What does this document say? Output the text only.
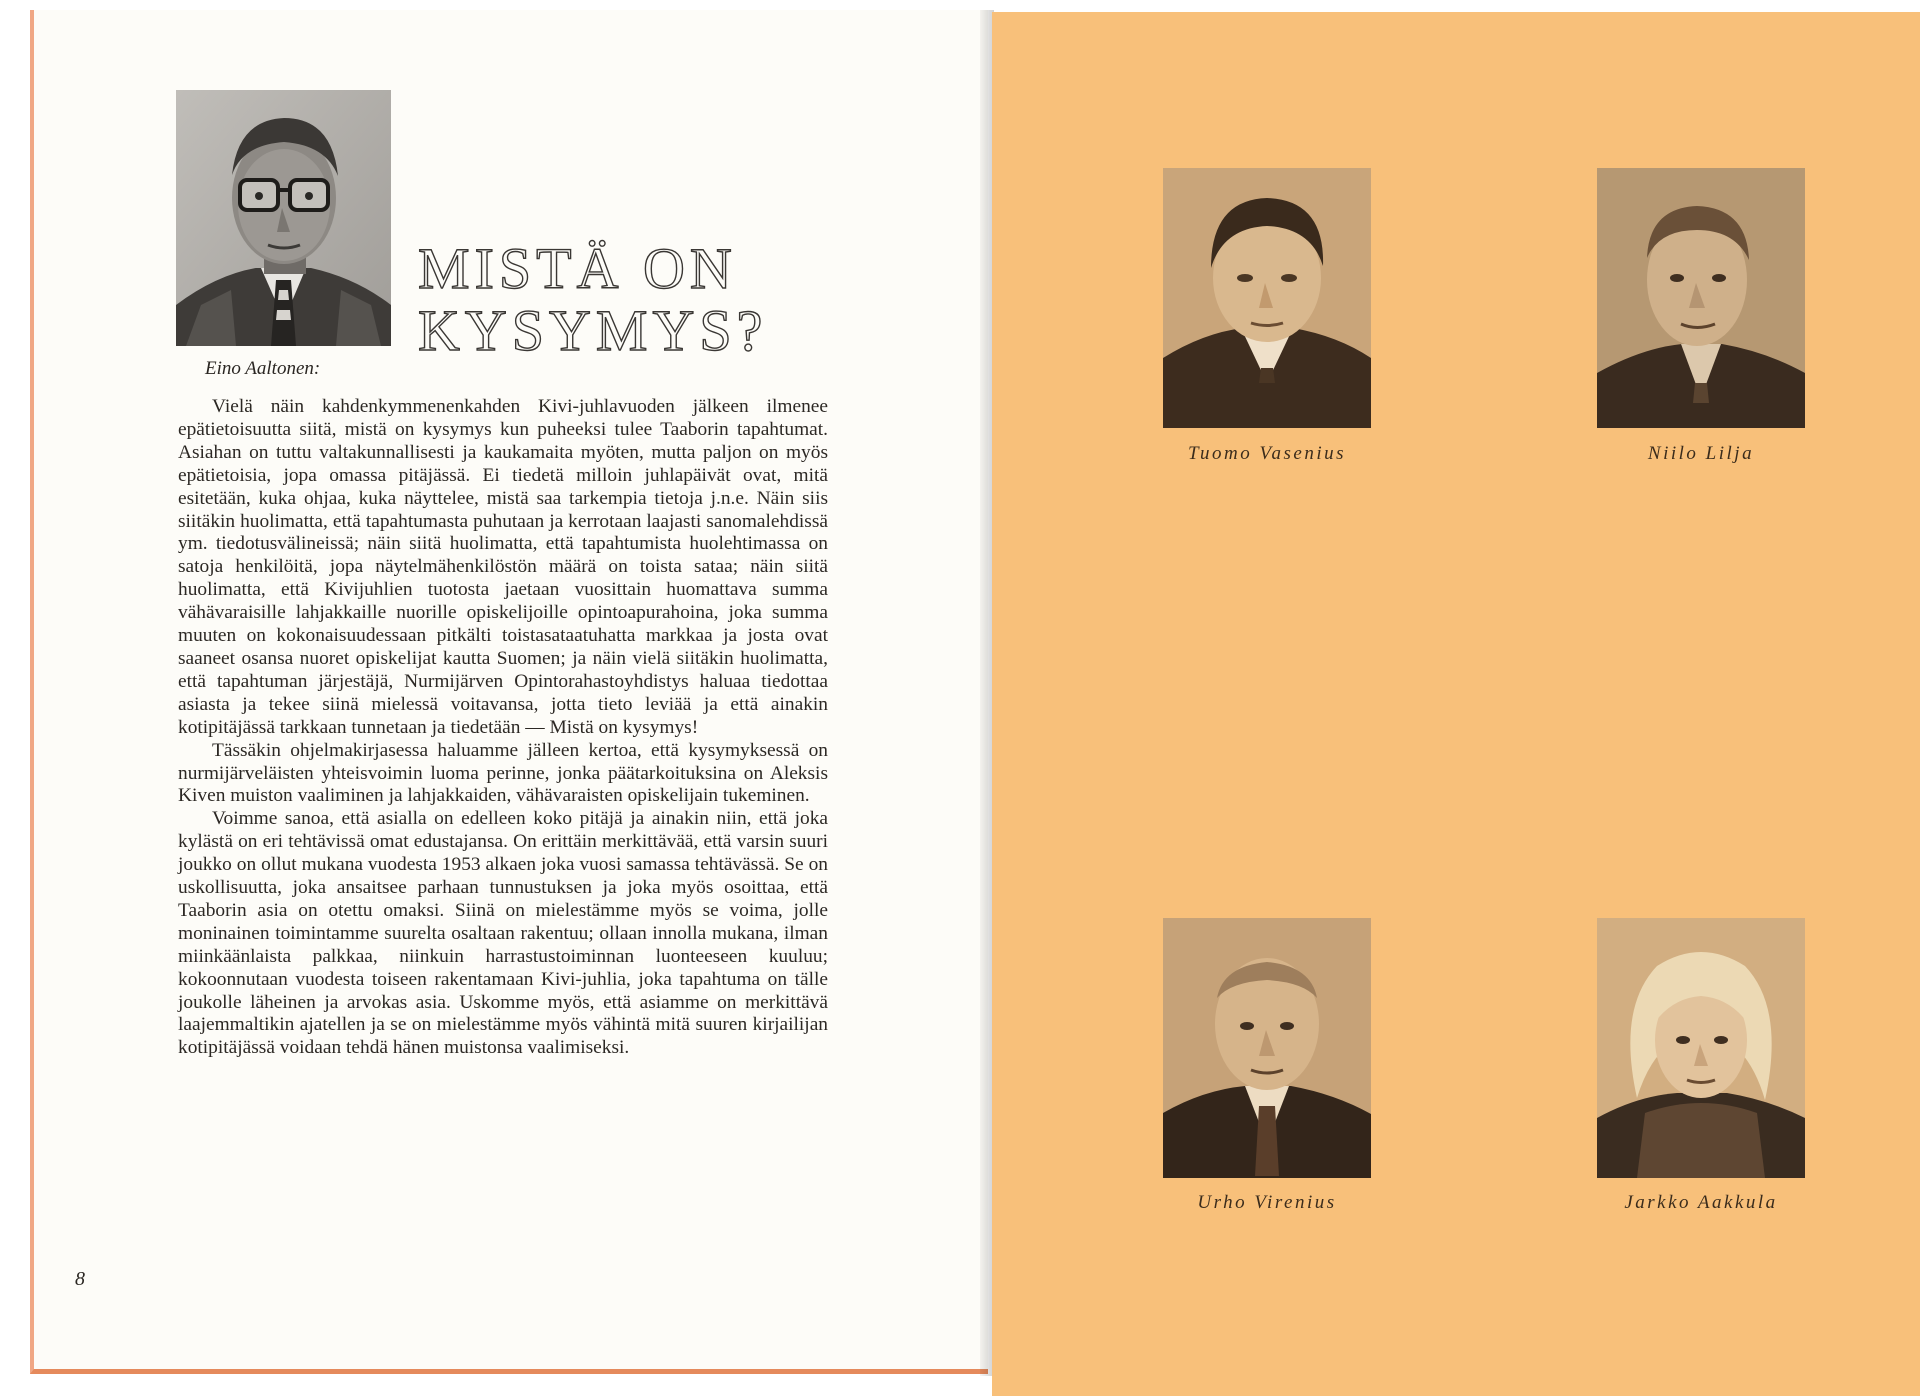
MISTÄ ON
KYSYMYS?
Eino Aaltonen:

Vielä näin kahdenkymmenenkahden Kivi-juhlavuoden jälkeen ilmenee epätietoisuutta siitä, mistä on kysymys kun puheeksi tulee Taaborin tapahtumat. Asiahan on tuttu valtakunnallisesti ja kaukamaita myöten, mutta paljon on myös epätietoisia, jopa omassa pitäjässä. Ei tiedetä milloin juhlapäivät ovat, mitä esitetään, kuka ohjaa, kuka näyttelee, mistä saa tarkempia tietoja j.n.e. Näin siis siitäkin huolimatta, että tapahtumasta puhutaan ja kerrotaan laajasti sanomalehdissä ym. tiedotusvälineissä; näin siitä huolimatta, että tapahtumista huolehtimassa on satoja henkilöitä, jopa näytelmähenkilöstön määrä on toista sataa; näin siitä huolimatta, että Kivijuhlien tuotosta jaetaan vuosittain huomattava summa vähävaraisille lahjakkaille nuorille opiskelijoille opintoapurahoina, joka summa muuten on kokonaisuudessaan pitkälti toistasataatuhatta markkaa ja josta ovat saaneet osansa nuoret opiskelijat kautta Suomen; ja näin vielä siitäkin huolimatta, että tapahtuman järjestäjä, Nurmijärven Opintorahastoyhdistys haluaa tiedottaa asiasta ja tekee siinä mielessä voitavansa, jotta tieto leviää ja että ainakin kotipitäjässä tarkkaan tunnetaan ja tiedetään — Mistä on kysymys!

Tässäkin ohjelmakirjasessa haluamme jälleen kertoa, että kysymyksessä on nurmijärveläisten yhteisvoimin luoma perinne, jonka päätarkoituksina on Aleksis Kiven muiston vaaliminen ja lahjakkaiden, vähävaraisten opiskelijain tukeminen.

Voimme sanoa, että asialla on edelleen koko pitäjä ja ainakin niin, että joka kylästä on eri tehtävissä omat edustajansa. On erittäin merkittävää, että varsin suuri joukko on ollut mukana vuodesta 1953 alkaen joka vuosi samassa tehtävässä. Se on uskollisuutta, joka ansaitsee parhaan tunnustuksen ja joka myös osoittaa, että Taaborin asia on otettu omaksi. Siinä on mielestämme myös se voima, jolle moninainen toimintamme suurelta osaltaan rakentuu; ollaan innolla mukana, ilman miinkäänlaista palkkaa, niinkuin harrastustoiminnan luonteeseen kuuluu; kokoonnutaan vuodesta toiseen rakentamaan Kivi-juhlia, joka tapahtuma on tälle joukolle läheinen ja arvokas asia. Uskomme myös, että asiamme on merkittävä laajemmaltikin ajatellen ja se on mielestämme myös vähintä mitä suuren kirjailijan kotipitäjässä voidaan tehdä hänen muistonsa vaalimiseksi.

8
Tuomo Vasenius	Niilo Lilja
Urho Virenius	Jarkko Aakkula
